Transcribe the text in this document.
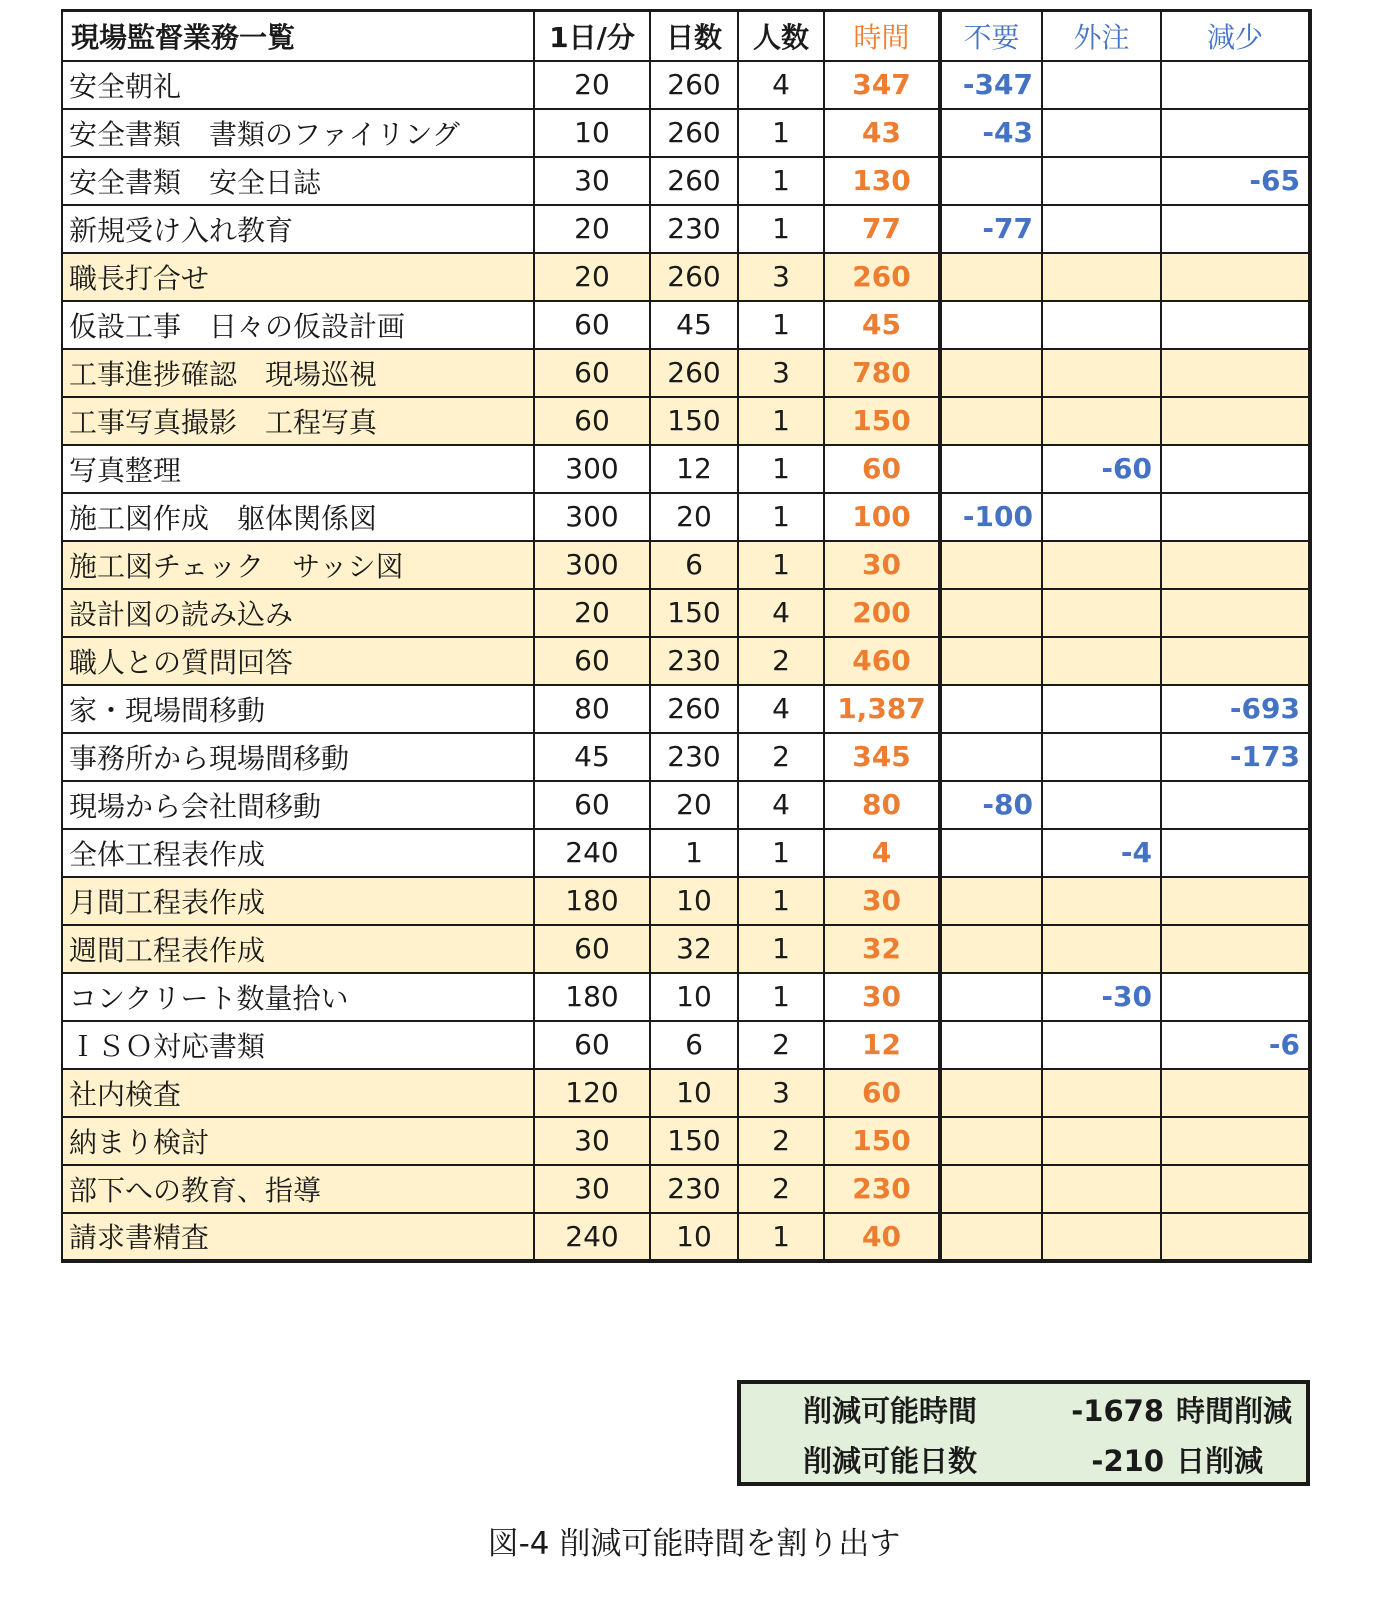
現場監督業務一覧	1日/分	日数	人数	時間	不要	外注	減少
安全朝礼	20	260	4	347	-347		
安全書類　書類のファイリング	10	260	1	43	-43		
安全書類　安全日誌	30	260	1	130			-65
新規受け入れ教育	20	230	1	77	-77		
職長打合せ	20	260	3	260			
仮設工事　日々の仮設計画	60	45	1	45			
工事進捗確認　現場巡視	60	260	3	780			
工事写真撮影　工程写真	60	150	1	150			
写真整理	300	12	1	60		-60	
施工図作成　躯体関係図	300	20	1	100	-100		
施工図チェック　サッシ図	300	6	1	30			
設計図の読み込み	20	150	4	200			
職人との質問回答	60	230	2	460			
家・現場間移動	80	260	4	1,387			-693
事務所から現場間移動	45	230	2	345			-173
現場から会社間移動	60	20	4	80	-80		
全体工程表作成	240	1	1	4		-4	
月間工程表作成	180	10	1	30			
週間工程表作成	60	32	1	32			
コンクリート数量拾い	180	10	1	30		-30	
ＩＳＯ対応書類	60	6	2	12			-6
社内検査	120	10	3	60			
納まり検討	30	150	2	150			
部下への教育、指導	30	230	2	230			
請求書精査	240	10	1	40			
削減可能時間	-1678 時間削減
削減可能日数	-210 日削減
図-4 削減可能時間を割り出す
